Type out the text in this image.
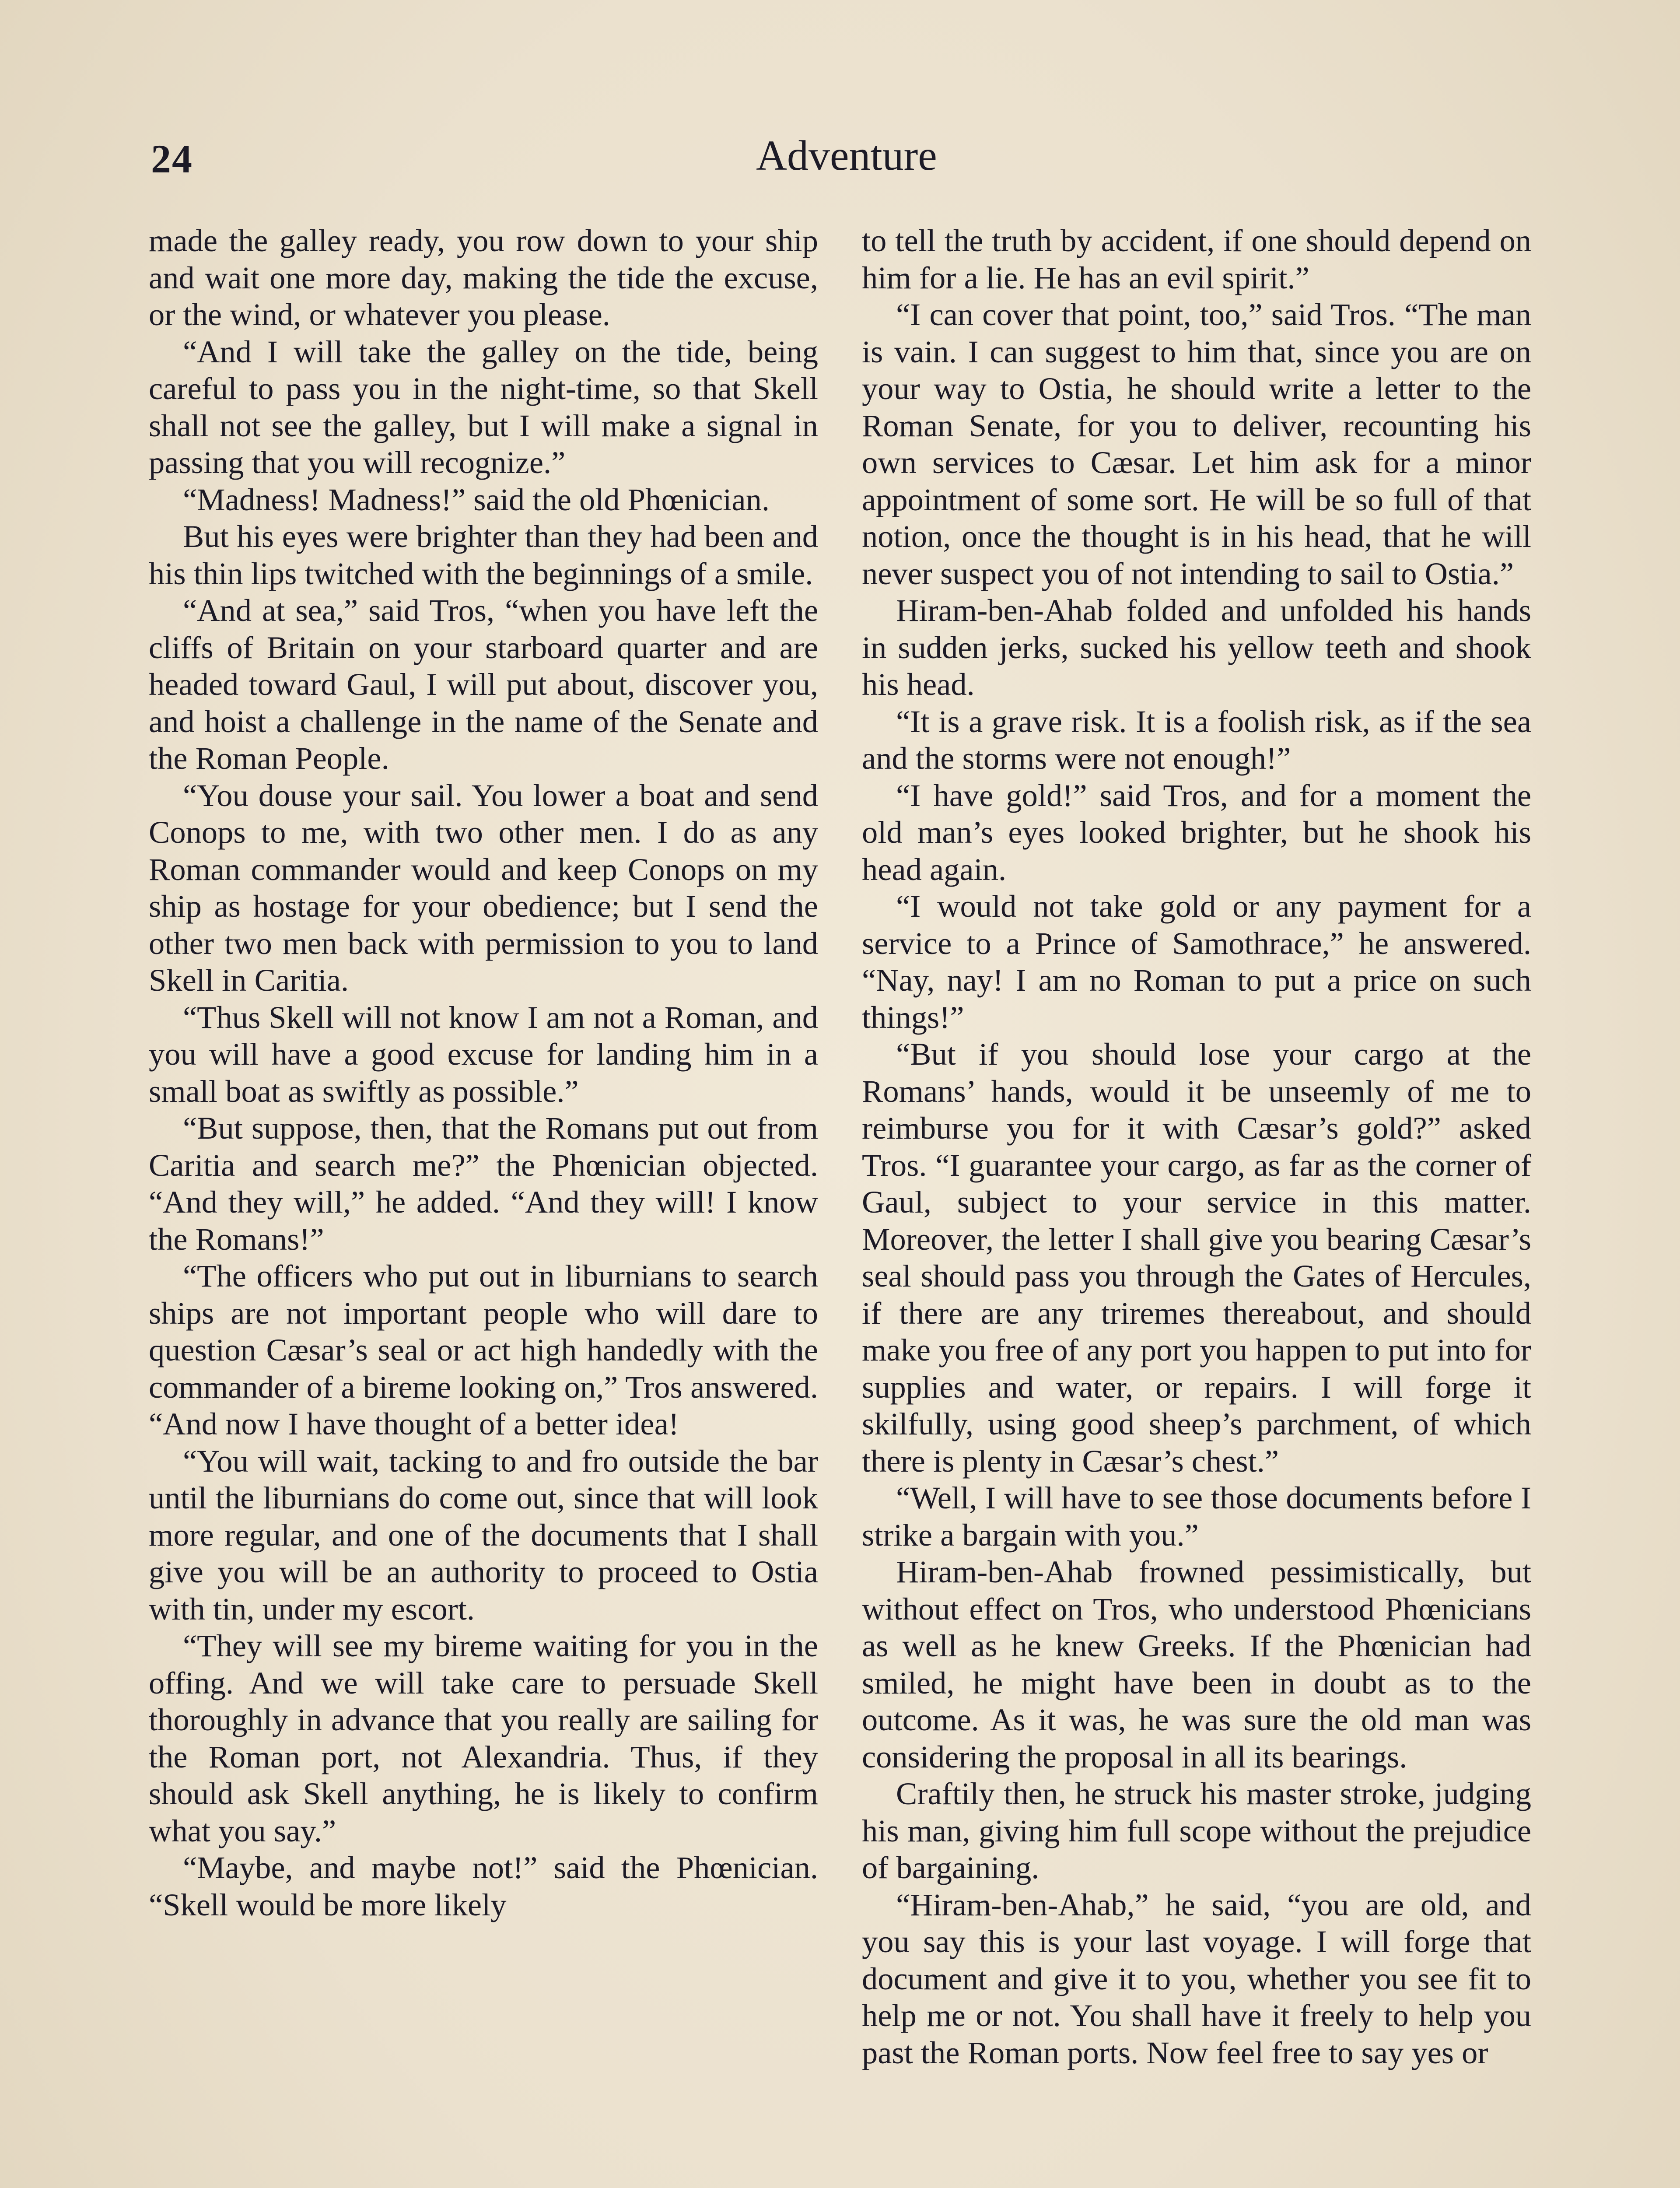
24	Adventure

made the galley ready, you row down to your ship and wait one more day, making the tide the excuse, or the wind, or whatever you please.

“And I will take the galley on the tide, being careful to pass you in the night-time, so that Skell shall not see the galley, but I will make a signal in passing that you will recognize.”

“Madness! Madness!” said the old Phœnician.

But his eyes were brighter than they had been and his thin lips twitched with the beginnings of a smile.

“And at sea,” said Tros, “when you have left the cliffs of Britain on your starboard quarter and are headed toward Gaul, I will put about, discover you, and hoist a challenge in the name of the Senate and the Roman People.

“You douse your sail. You lower a boat and send Conops to me, with two other men. I do as any Roman commander would and keep Conops on my ship as hostage for your obedience; but I send the other two men back with permission to you to land Skell in Caritia.

“Thus Skell will not know I am not a Roman, and you will have a good excuse for landing him in a small boat as swiftly as possible.”

“But suppose, then, that the Romans put out from Caritia and search me?” the Phœnician objected. “And they will,” he added. “And they will! I know the Romans!”

“The officers who put out in liburnians to search ships are not important people who will dare to question Cæsar’s seal or act high handedly with the commander of a bireme looking on,” Tros answered. “And now I have thought of a better idea!

“You will wait, tacking to and fro outside the bar until the liburnians do come out, since that will look more regular, and one of the documents that I shall give you will be an authority to proceed to Ostia with tin, under my escort.

“They will see my bireme waiting for you in the offing. And we will take care to persuade Skell thoroughly in advance that you really are sailing for the Roman port, not Alexandria. Thus, if they should ask Skell anything, he is likely to confirm what you say.”

“Maybe, and maybe not!” said the Phœnician. “Skell would be more likely

to tell the truth by accident, if one should depend on him for a lie. He has an evil spirit.”

“I can cover that point, too,” said Tros. “The man is vain. I can suggest to him that, since you are on your way to Ostia, he should write a letter to the Roman Senate, for you to deliver, recounting his own services to Cæsar. Let him ask for a minor appointment of some sort. He will be so full of that notion, once the thought is in his head, that he will never suspect you of not intending to sail to Ostia.”

Hiram-ben-Ahab folded and unfolded his hands in sudden jerks, sucked his yellow teeth and shook his head.

“It is a grave risk. It is a foolish risk, as if the sea and the storms were not enough!”

“I have gold!” said Tros, and for a moment the old man’s eyes looked brighter, but he shook his head again.

“I would not take gold or any payment for a service to a Prince of Samothrace,” he answered. “Nay, nay! I am no Roman to put a price on such things!”

“But if you should lose your cargo at the Romans’ hands, would it be unseemly of me to reimburse you for it with Cæsar’s gold?” asked Tros. “I guarantee your cargo, as far as the corner of Gaul, subject to your service in this matter. Moreover, the letter I shall give you bearing Cæsar’s seal should pass you through the Gates of Hercules, if there are any triremes thereabout, and should make you free of any port you happen to put into for supplies and water, or repairs. I will forge it skilfully, using good sheep’s parchment, of which there is plenty in Cæsar’s chest.”

“Well, I will have to see those documents before I strike a bargain with you.”

Hiram-ben-Ahab frowned pessimistically, but without effect on Tros, who understood Phœnicians as well as he knew Greeks. If the Phœnician had smiled, he might have been in doubt as to the outcome. As it was, he was sure the old man was considering the proposal in all its bearings.

Craftily then, he struck his master stroke, judging his man, giving him full scope without the prejudice of bargaining.

“Hiram-ben-Ahab,” he said, “you are old, and you say this is your last voyage. I will forge that document and give it to you, whether you see fit to help me or not. You shall have it freely to help you past the Roman ports. Now feel free to say yes or
